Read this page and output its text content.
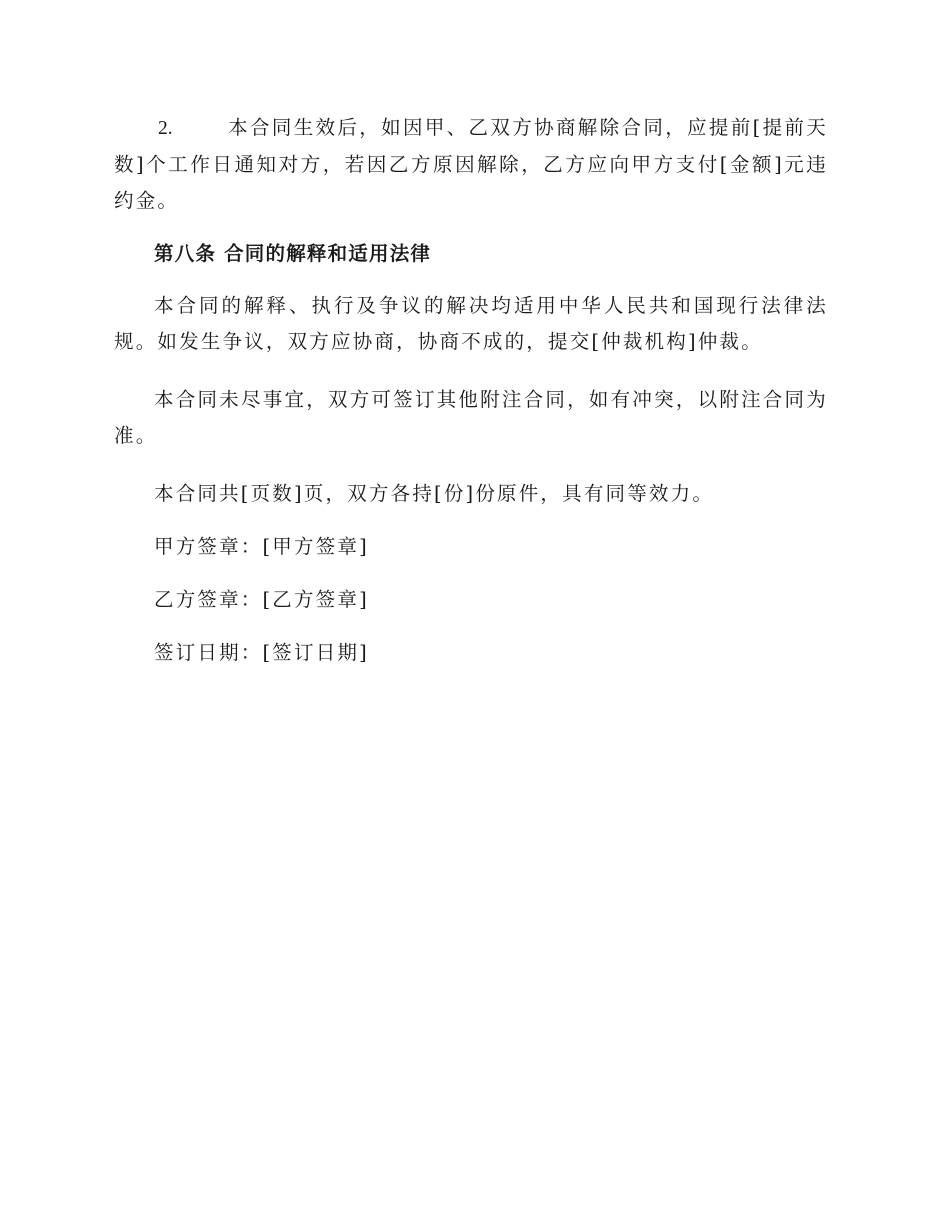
2.	本合同生效后，如因甲、乙双方协商解除合同，应提前[提前天数]个工作日通知对方，若因乙方原因解除，乙方应向甲方支付[金额]元违约金。

第八条 合同的解释和适用法律

本合同的解释、执行及争议的解决均适用中华人民共和国现行法律法规。如发生争议，双方应协商，协商不成的，提交[仲裁机构]仲裁。

本合同未尽事宜，双方可签订其他附注合同，如有冲突，以附注合同为准。

本合同共[页数]页，双方各持[份]份原件，具有同等效力。

甲方签章：[甲方签章]

乙方签章：[乙方签章]

签订日期：[签订日期]
